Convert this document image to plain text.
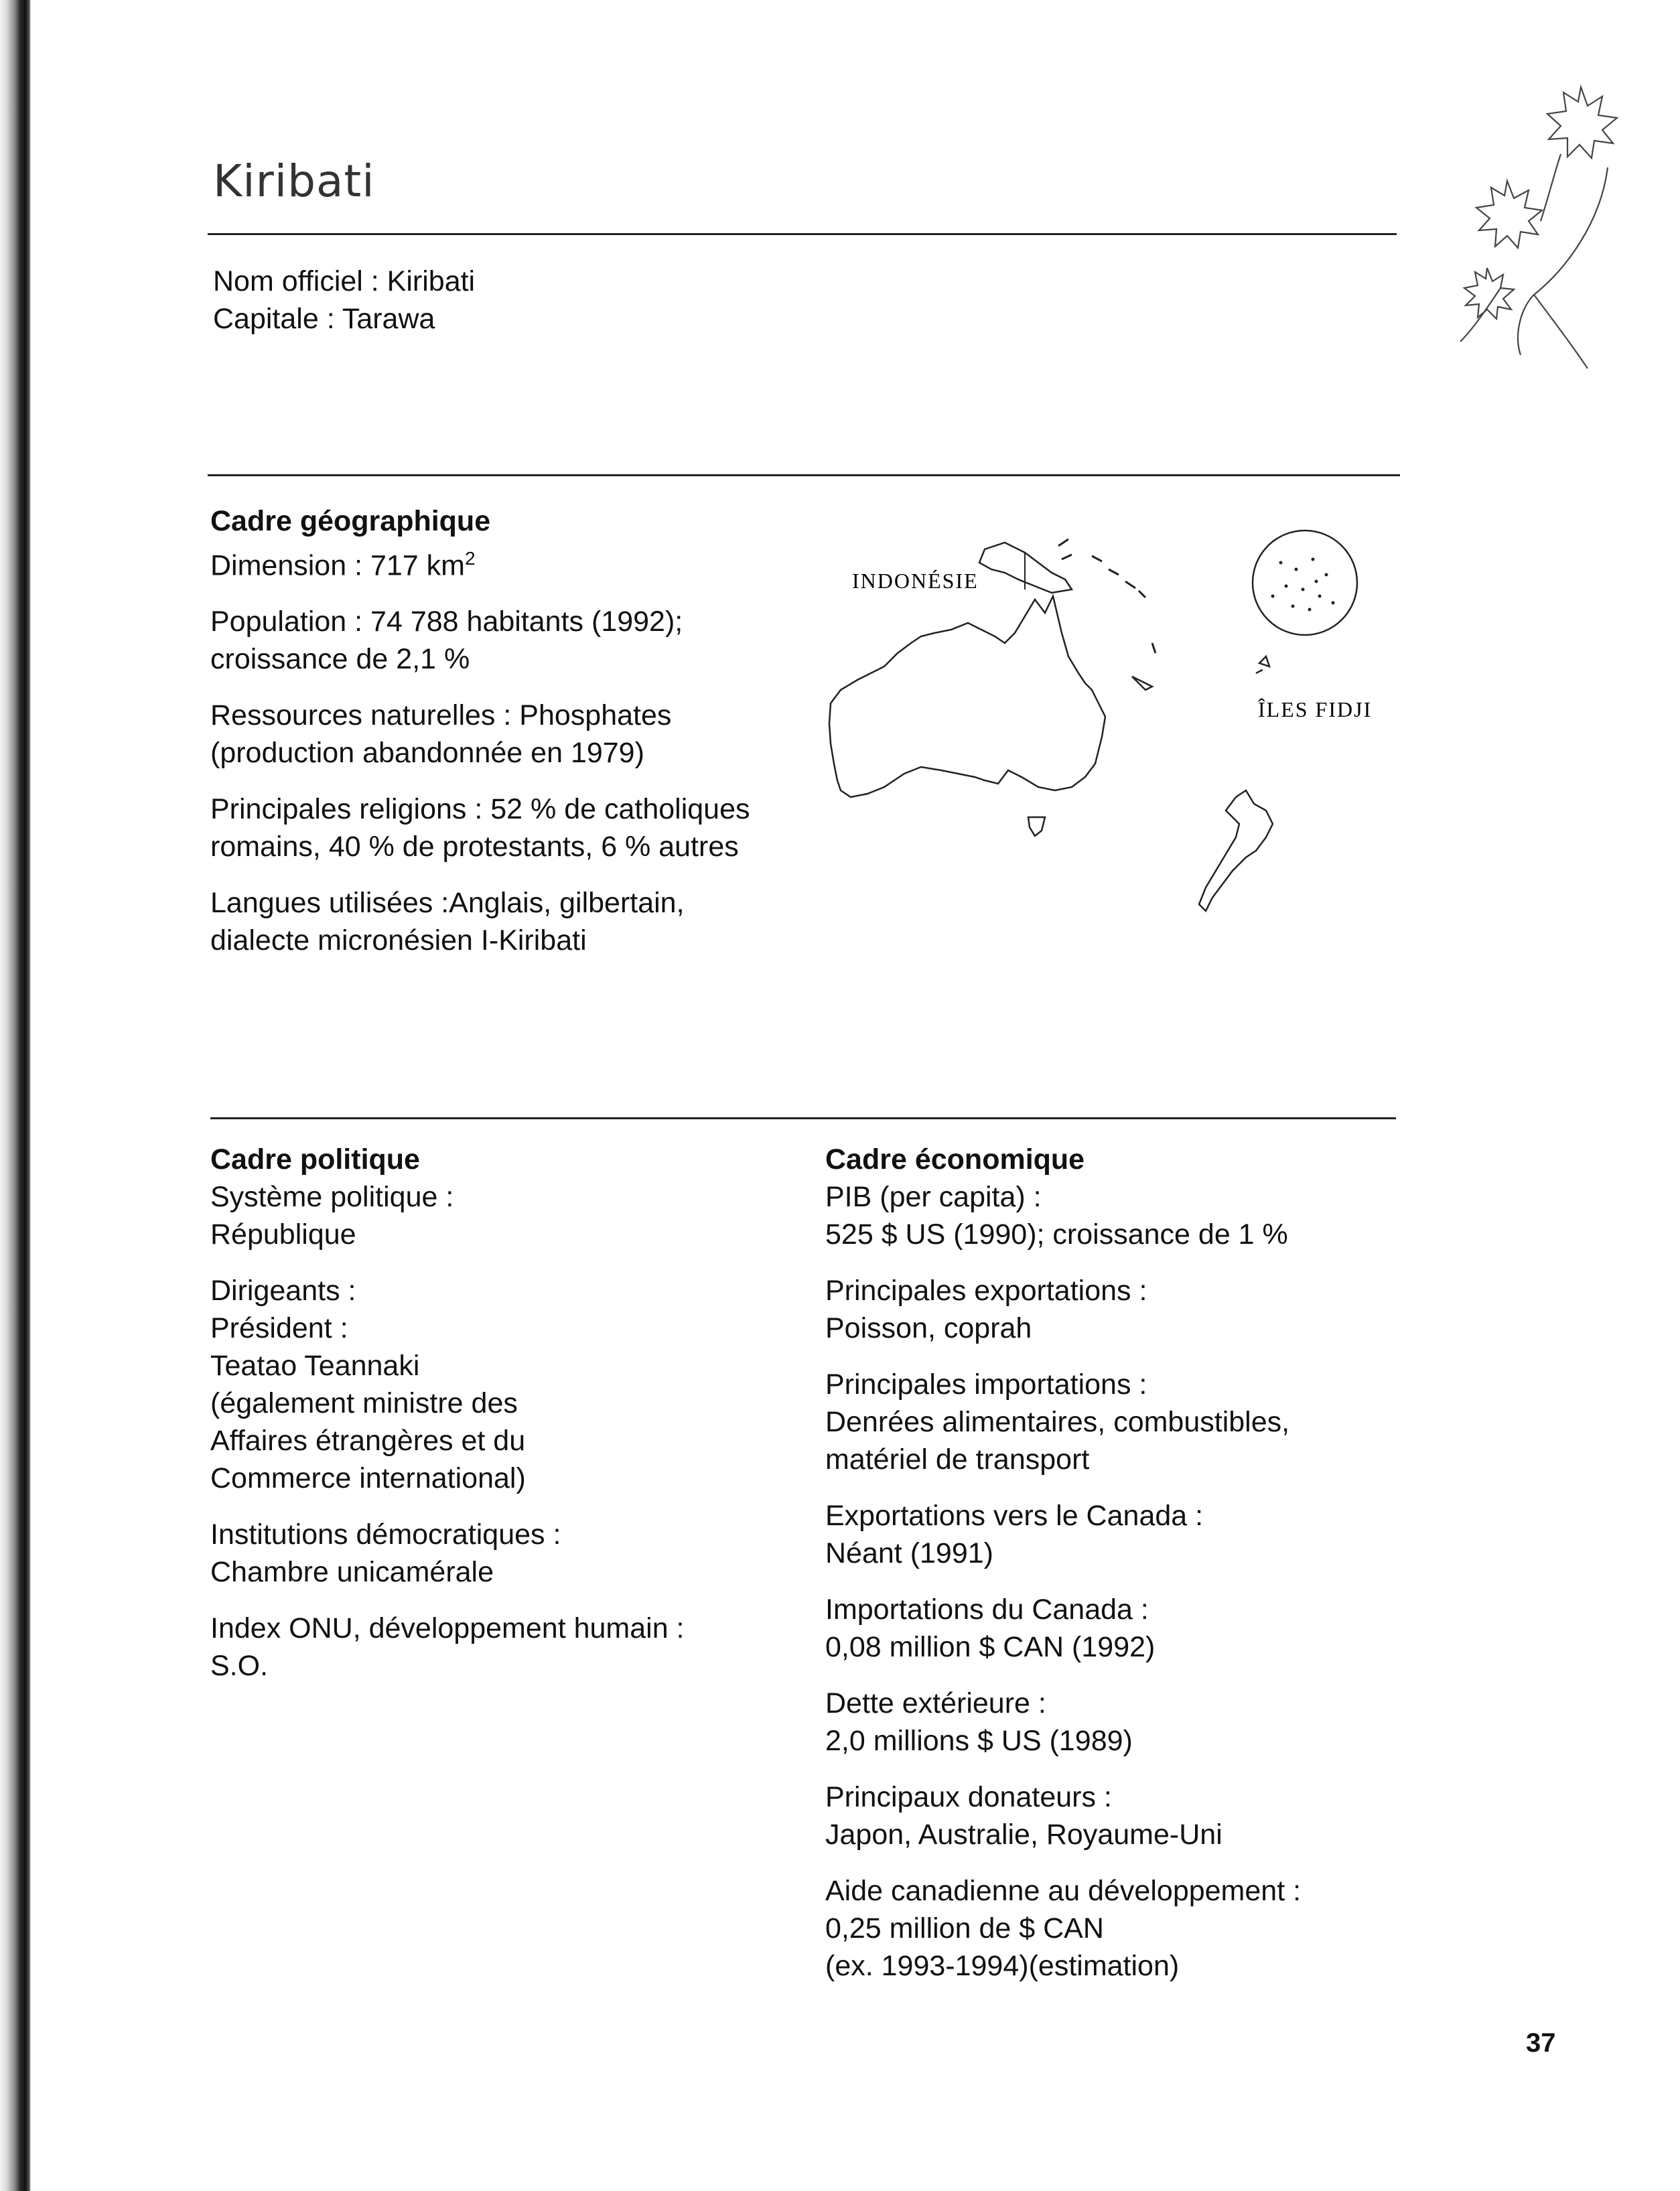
Kiribati
Nom officiel : Kiribati
Capitale : Tarawa
Cadre géographique
Dimension : 717 $km^2$
Population : 74 788 habitants (1992);
croissance de 2,1 %
Ressources naturelles : Phosphates
(production abandonnée en 1979)
Principales religions : 52 % de catholiques
romains, 40 % de protestants, 6 % autres
Langues utilisées :Anglais, gilbertain,
dialecte micronésien I-Kiribati
INDONÉSIE
ÎLES FIDJI
Cadre politique
Système politique :
République
Dirigeants :
Président :
Teatao Teannaki
(également ministre des
Affaires étrangères et du
Commerce international)
Institutions démocratiques :
Chambre unicamérale
Index ONU, développement humain :
S.O.
Cadre économique
PIB (per capita) :
525 $ US (1990); croissance de 1 %
Principales exportations :
Poisson, coprah
Principales importations :
Denrées alimentaires, combustibles,
matériel de transport
Exportations vers le Canada :
Néant (1991)
Importations du Canada :
0,08 million $ CAN (1992)
Dette extérieure :
2,0 millions $ US (1989)
Principaux donateurs :
Japon, Australie, Royaume-Uni
Aide canadienne au développement :
0,25 million de $ CAN
(ex. 1993-1994)(estimation)
37
